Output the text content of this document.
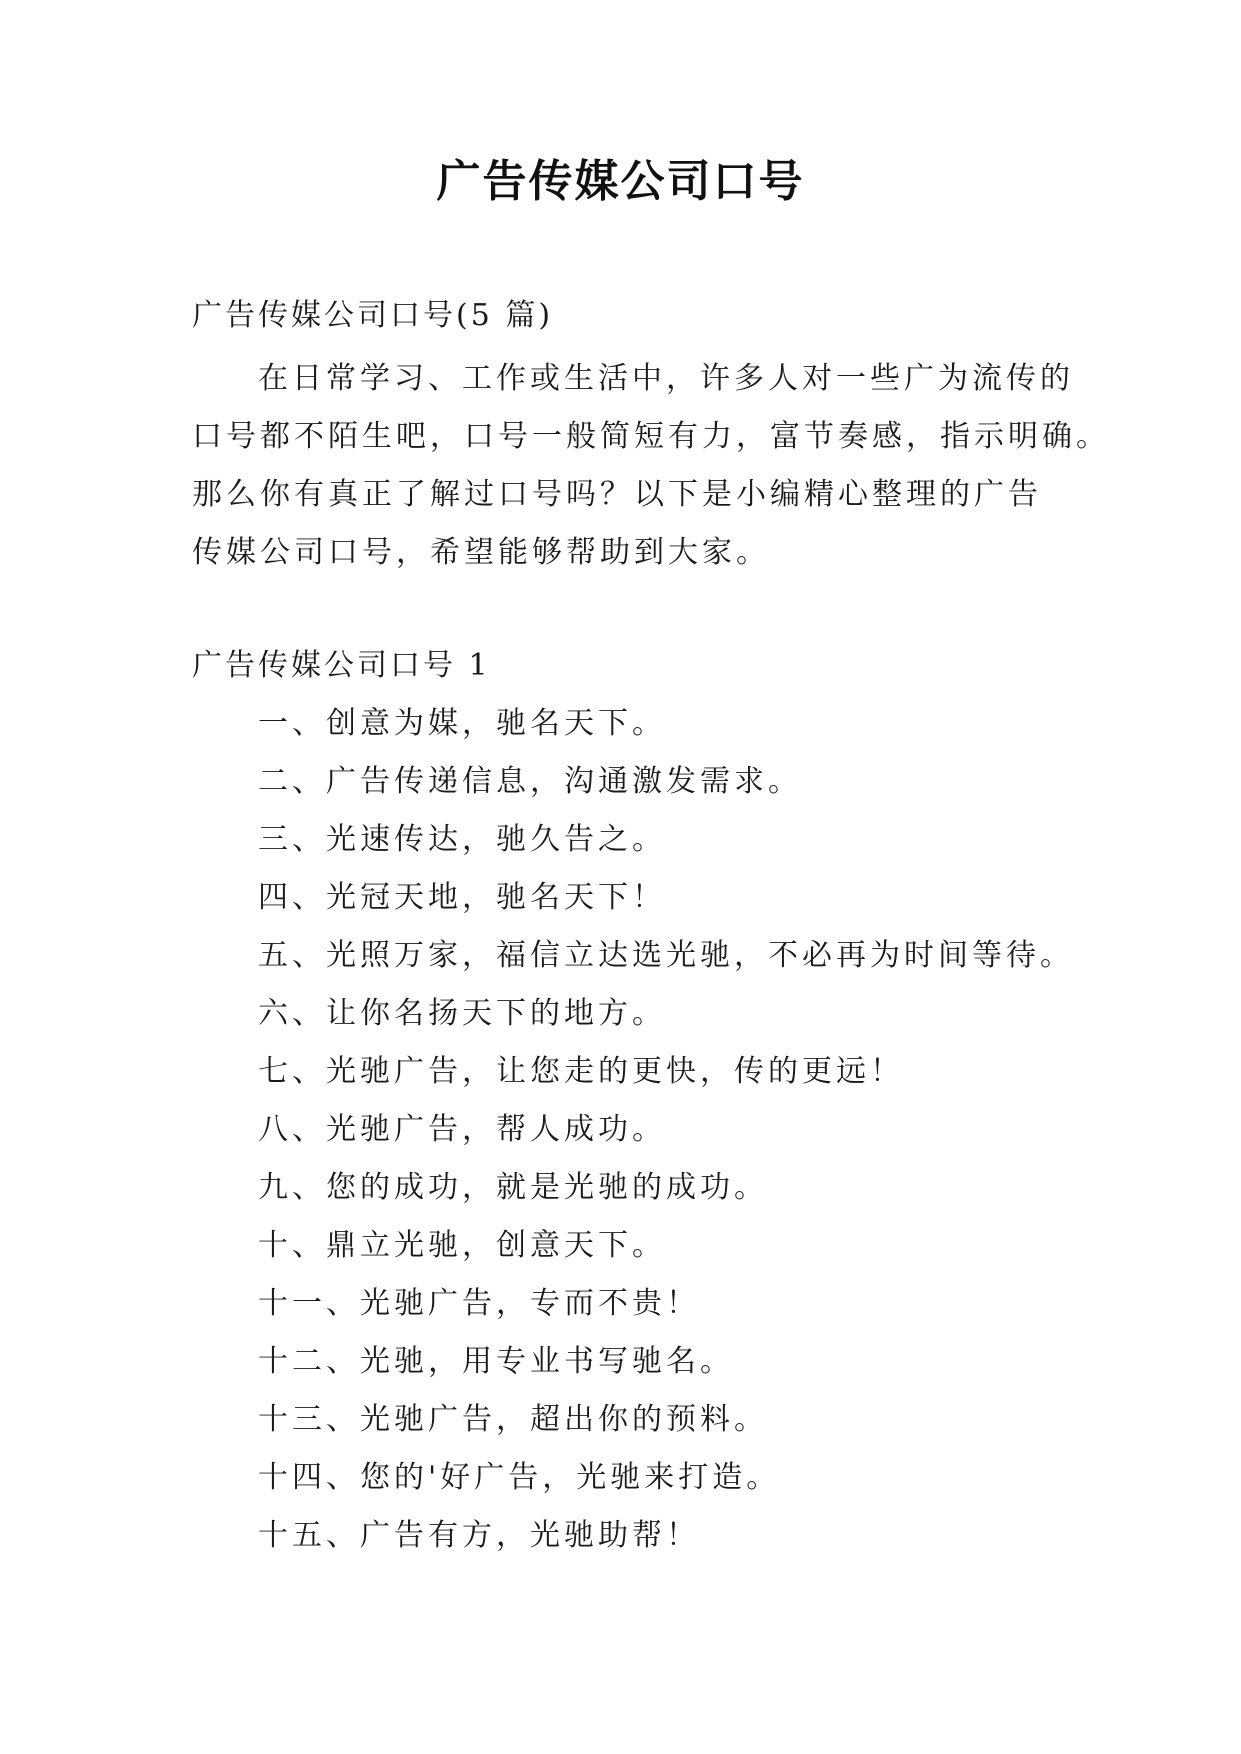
广告传媒公司口号
广告传媒公司口号(5 篇)
在日常学习、工作或生活中，许多人对一些广为流传的
口号都不陌生吧，口号一般简短有力，富节奏感，指示明确。
那么你有真正了解过口号吗？以下是小编精心整理的广告
传媒公司口号，希望能够帮助到大家。
广告传媒公司口号 1
一、创意为媒，驰名天下。
二、广告传递信息，沟通激发需求。
三、光速传达，驰久告之。
四、光冠天地，驰名天下！
五、光照万家，福信立达选光驰，不必再为时间等待。
六、让你名扬天下的地方。
七、光驰广告，让您走的更快，传的更远！
八、光驰广告，帮人成功。
九、您的成功，就是光驰的成功。
十、鼎立光驰，创意天下。
十一、光驰广告，专而不贵！
十二、光驰，用专业书写驰名。
十三、光驰广告，超出你的预料。
十四、您的'好广告，光驰来打造。
十五、广告有方，光驰助帮！
